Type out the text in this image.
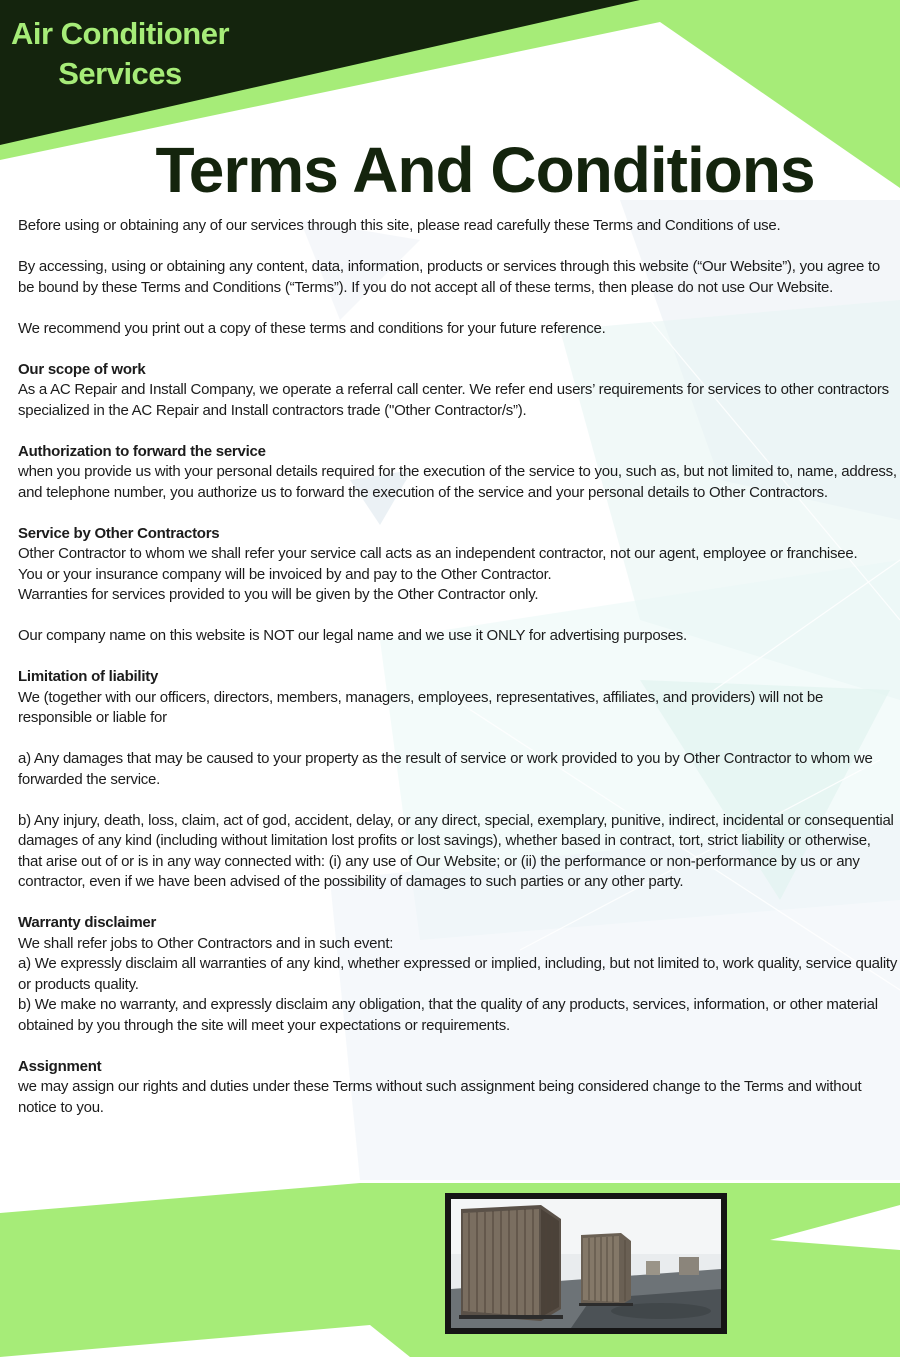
Air Conditioner
Services
Terms And Conditions

Before using or obtaining any of our services through this site, please read carefully these Terms and Conditions of use.

By accessing, using or obtaining any content, data, information, products or services through this website (“Our Website”), you agree to be bound by these Terms and Conditions (“Terms”). If you do not accept all of these terms, then please do not use Our Website.

We recommend you print out a copy of these terms and conditions for your future reference.

Our scope of work

As a AC Repair and Install Company, we operate a referral call center. We refer end users’ requirements for services to other contractors specialized in the AC Repair and Install contractors trade ("Other Contractor/s”).

Authorization to forward the service

when you provide us with your personal details required for the execution of the service to you, such as, but not limited to, name, address, and telephone number, you authorize us to forward the execution of the service and your personal details to Other Contractors.

Service by Other Contractors

Other Contractor to whom we shall refer your service call acts as an independent contractor, not our agent, employee or franchisee.
You or your insurance company will be invoiced by and pay to the Other Contractor.
Warranties for services provided to you will be given by the Other Contractor only.

Our company name on this website is NOT our legal name and we use it ONLY for advertising purposes.

Limitation of liability

We (together with our officers, directors, members, managers, employees, representatives, affiliates, and providers) will not be responsible or liable for

a) Any damages that may be caused to your property as the result of service or work provided to you by Other Contractor to whom we forwarded the service.

b) Any injury, death, loss, claim, act of god, accident, delay, or any direct, special, exemplary, punitive, indirect, incidental or consequential damages of any kind (including without limitation lost profits or lost savings), whether based in contract, tort, strict liability or otherwise, that arise out of or is in any way connected with: (i) any use of Our Website; or (ii) the performance or non-performance by us or any contractor, even if we have been advised of the possibility of damages to such parties or any other party.

Warranty disclaimer

We shall refer jobs to Other Contractors and in such event:
a) We expressly disclaim all warranties of any kind, whether expressed or implied, including, but not limited to, work quality, service quality or products quality.
b) We make no warranty, and expressly disclaim any obligation, that the quality of any products, services, information, or other material obtained by you through the site will meet your expectations or requirements.

Assignment

we may assign our rights and duties under these Terms without such assignment being considered change to the Terms and without notice to you.
